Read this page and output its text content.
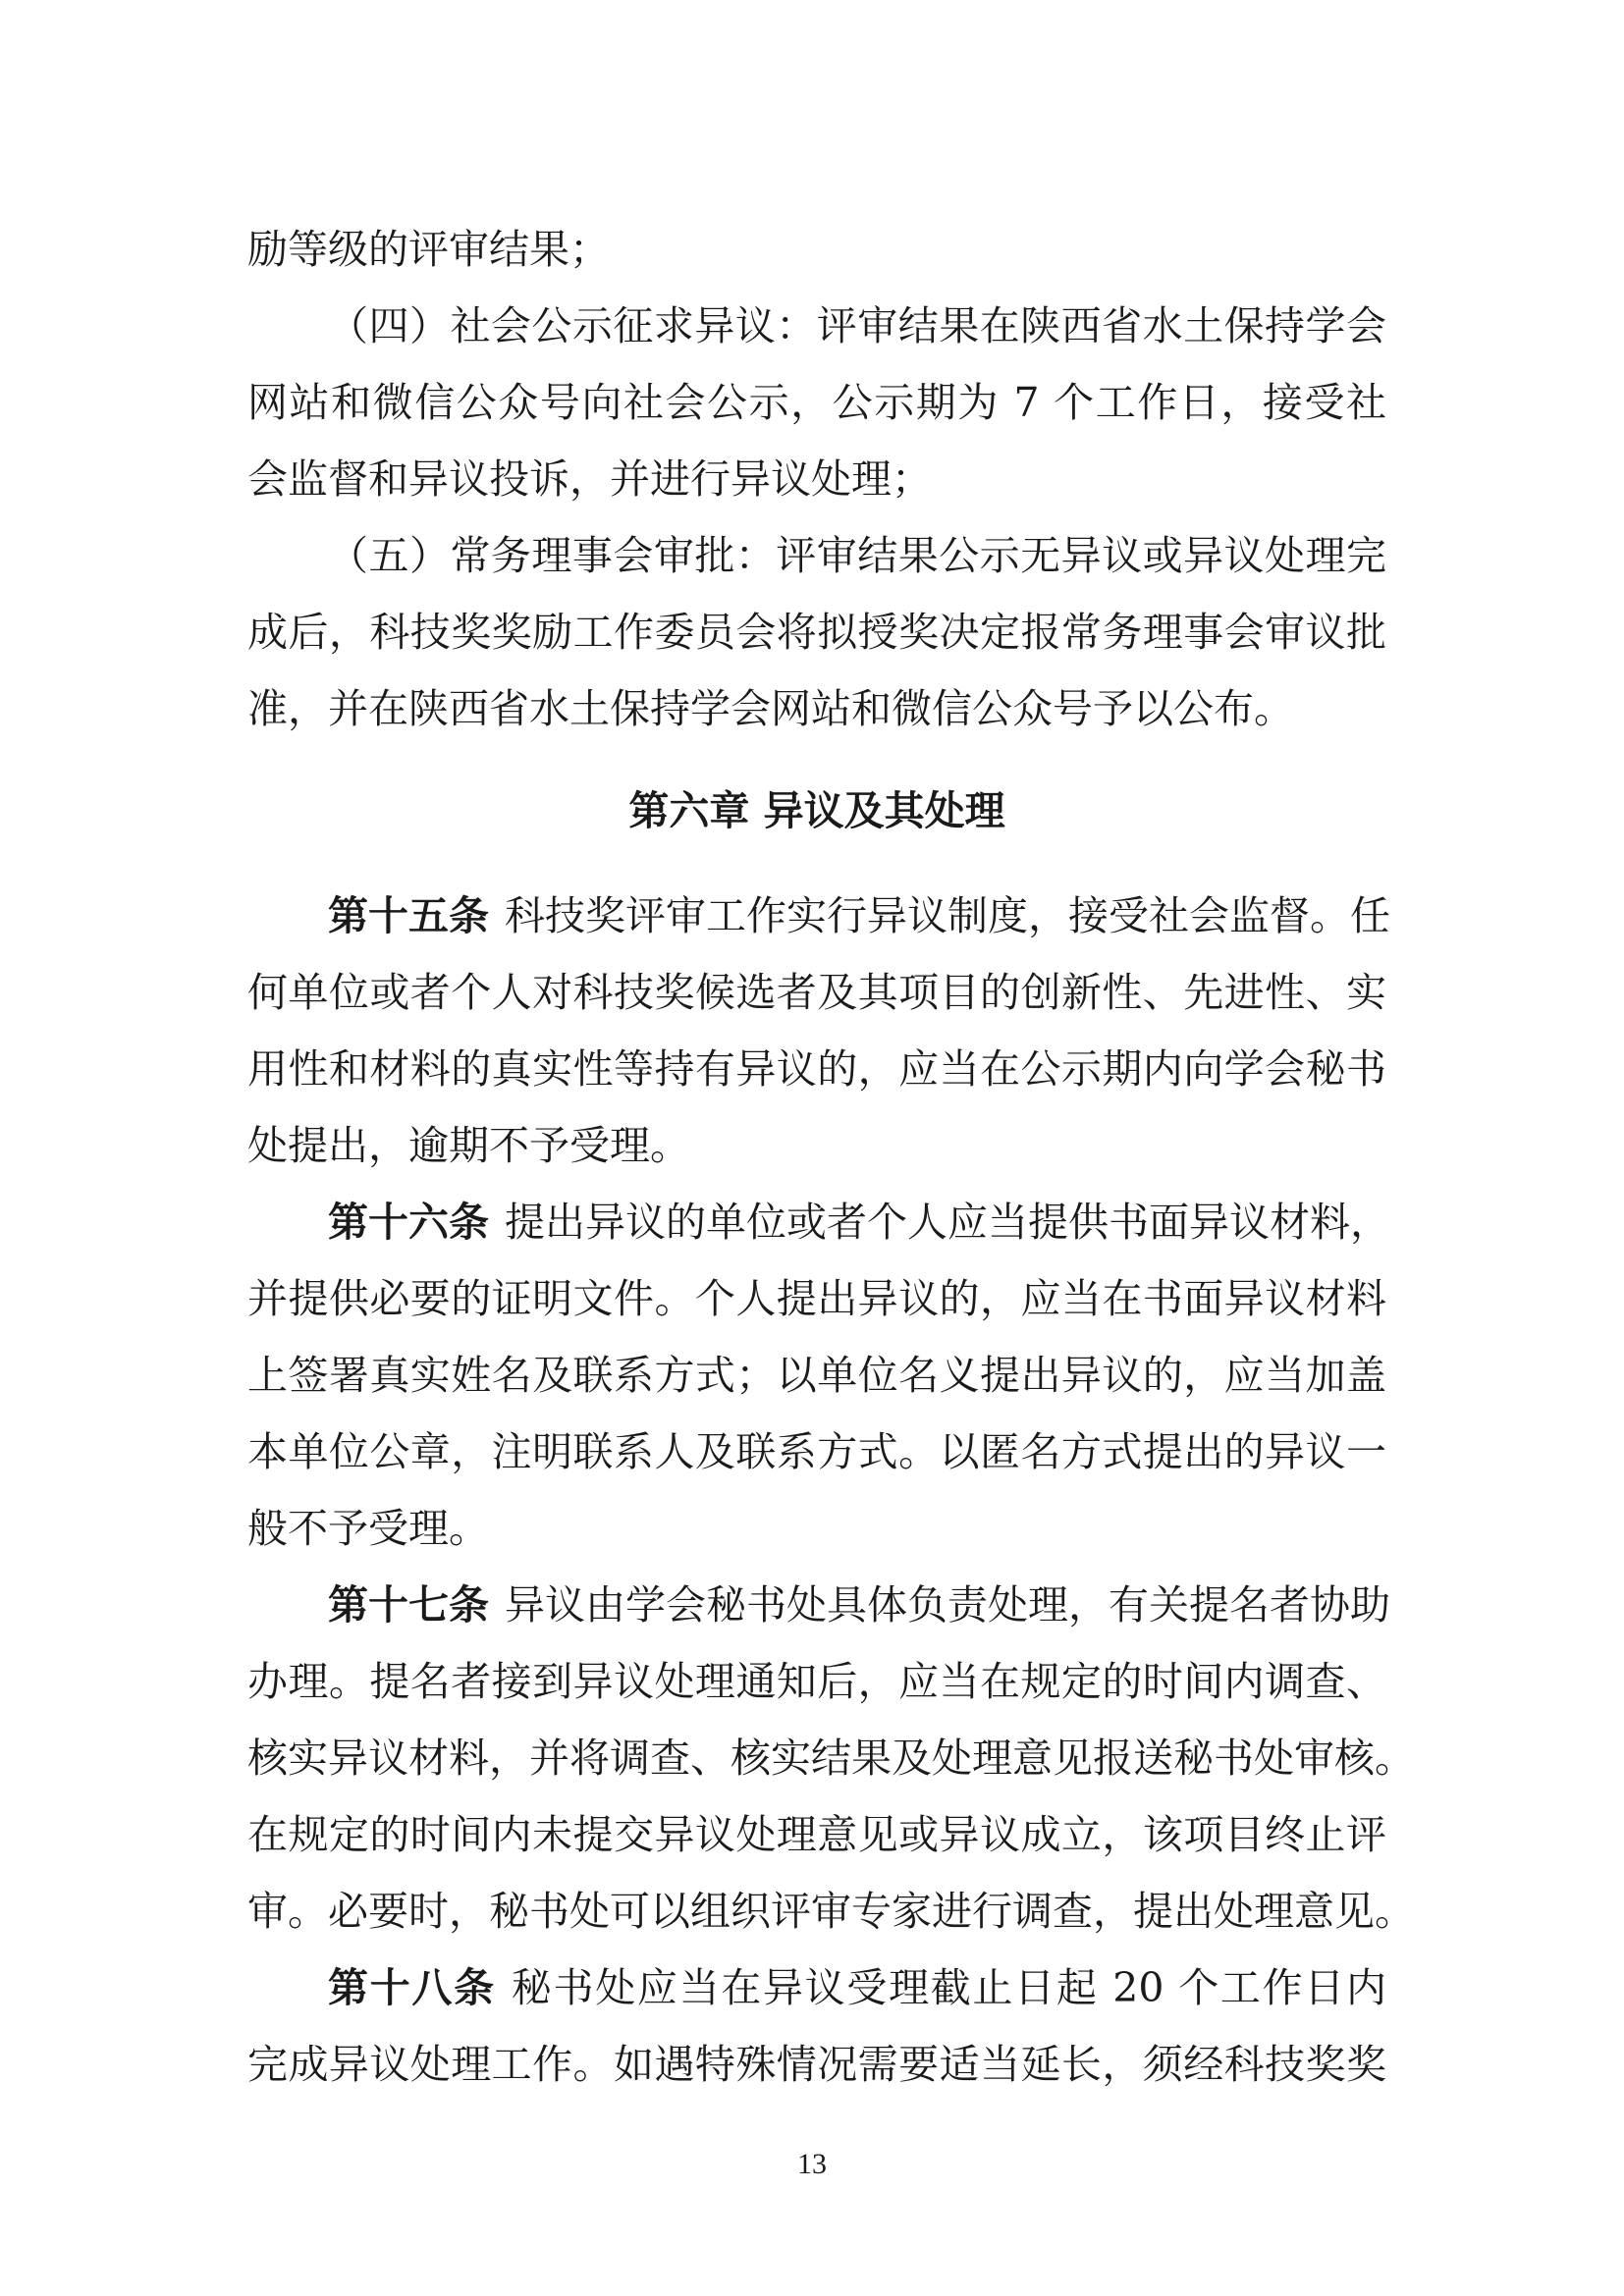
励等级的评审结果；
（四）社会公示征求异议：评审结果在陕西省水土保持学会
网站和微信公众号向社会公示，公示期为 7 个工作日，接受社
会监督和异议投诉，并进行异议处理；
（五）常务理事会审批：评审结果公示无异议或异议处理完
成后，科技奖奖励工作委员会将拟授奖决定报常务理事会审议批
准，并在陕西省水土保持学会网站和微信公众号予以公布。
第六章 异议及其处理
第十五条 科技奖评审工作实行异议制度，接受社会监督。任
何单位或者个人对科技奖候选者及其项目的创新性、先进性、实
用性和材料的真实性等持有异议的，应当在公示期内向学会秘书
处提出，逾期不予受理。
第十六条 提出异议的单位或者个人应当提供书面异议材料，
并提供必要的证明文件。个人提出异议的，应当在书面异议材料
上签署真实姓名及联系方式；以单位名义提出异议的，应当加盖
本单位公章，注明联系人及联系方式。以匿名方式提出的异议一
般不予受理。
第十七条 异议由学会秘书处具体负责处理，有关提名者协助
办理。提名者接到异议处理通知后，应当在规定的时间内调查、
核实异议材料，并将调查、核实结果及处理意见报送秘书处审核。
在规定的时间内未提交异议处理意见或异议成立，该项目终止评
审。必要时，秘书处可以组织评审专家进行调查，提出处理意见。
第十八条 秘书处应当在异议受理截止日起 20 个工作日内
完成异议处理工作。如遇特殊情况需要适当延长，须经科技奖奖
13
